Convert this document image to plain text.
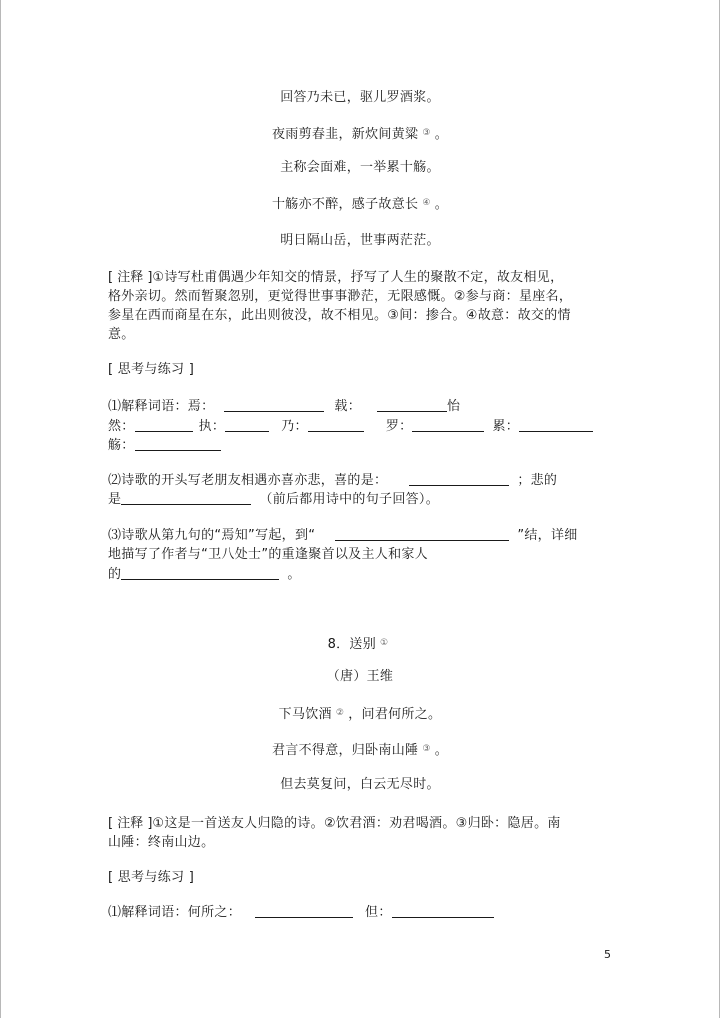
回答乃未已，驱儿罗酒浆。
夜雨剪春韭，新炊间黄粱 ③ 。
主称会面难，一举累十觞。
十觞亦不醉，感子故意长 ④ 。
明日隔山岳，世事两茫茫。
[ 注释 ]①诗写杜甫偶遇少年知交的情景，抒写了人生的聚散不定，故友相见，
格外亲切。然而暂聚忽别，更觉得世事事渺茫，无限感慨。②参与商：星座名，
参星在西而商星在东，此出则彼没，故不相见。③间：掺合。④故意：故交的情
意。
[ 思考与练习 ]
⑴解释词语：焉：	载：	怡
然：	执：	乃：	罗：	累：
觞：
⑵诗歌的开头写老朋友相遇亦喜亦悲，喜的是：	；悲的
是	（前后都用诗中的句子回答）。
⑶诗歌从第九句的“焉知”写起，到“	”结，详细
地描写了作者与“卫八处士”的重逢聚首以及主人和家人
的	。
8．送别 ①
（唐）王维
下马饮酒 ② ，问君何所之。
君言不得意，归卧南山陲 ③ 。
但去莫复问，白云无尽时。
[ 注释 ]①这是一首送友人归隐的诗。②饮君酒：劝君喝酒。③归卧：隐居。南
山陲：终南山边。
[ 思考与练习 ]
⑴解释词语：何所之：	但：
5
